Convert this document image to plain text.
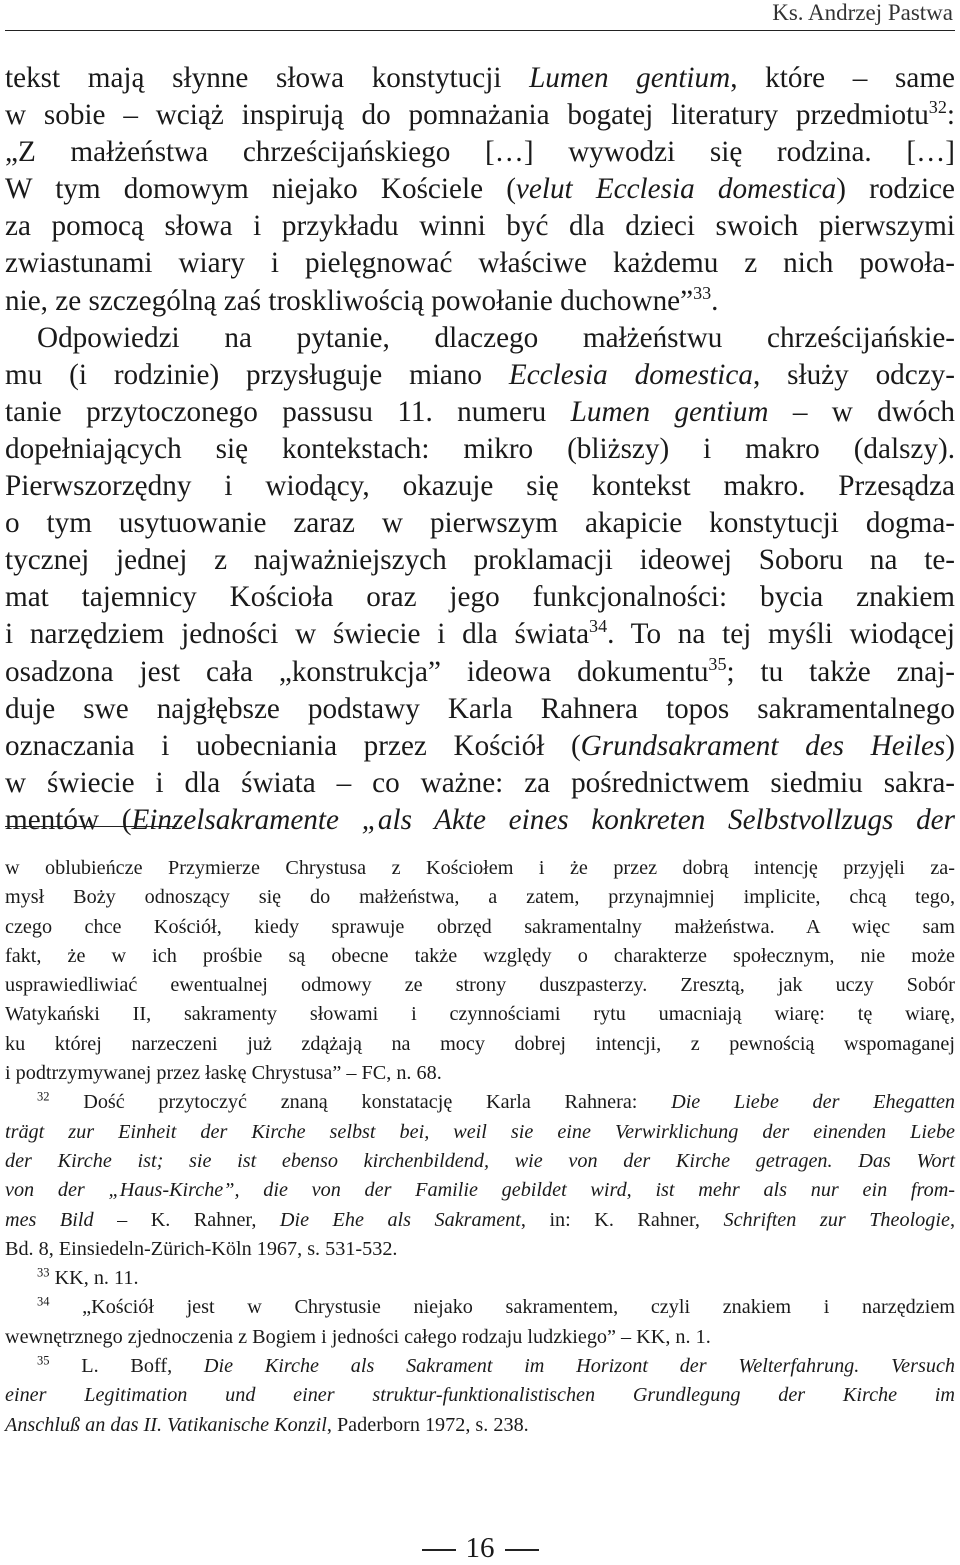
Ks. Andrzej Pastwa
tekst mają słynne słowa konstytucji Lumen gentium, które – same
w sobie – wciąż inspirują do pomnażania bogatej literatury przedmiotu$^{32}$:
„Z małżeństwa chrześcijańskiego […] wywodzi się rodzina. […]
W tym domowym niejako Kościele (velut Ecclesia domestica) rodzice
za pomocą słowa i przykładu winni być dla dzieci swoich pierwszymi
zwiastunami wiary i pielęgnować właściwe każdemu z nich powoła-
nie, ze szczególną zaś troskliwością powołanie duchowne”$^{33}$.
Odpowiedzi na pytanie, dlaczego małżeństwu chrześcijańskie-
mu (i rodzinie) przysługuje miano Ecclesia domestica, służy odczy-
tanie przytoczonego passusu 11. numeru Lumen gentium – w dwóch
dopełniających się kontekstach: mikro (bliższy) i makro (dalszy).
Pierwszorzędny i wiodący, okazuje się kontekst makro. Przesądza
o tym usytuowanie zaraz w pierwszym akapicie konstytucji dogma-
tycznej jednej z najważniejszych proklamacji ideowej Soboru na te-
mat tajemnicy Kościoła oraz jego funkcjonalności: bycia znakiem
i narzędziem jedności w świecie i dla świata$^{34}$. To na tej myśli wiodącej
osadzona jest cała „konstrukcja” ideowa dokumentu$^{35}$; tu także znaj-
duje swe najgłębsze podstawy Karla Rahnera topos sakramentalnego
oznaczania i uobecniania przez Kościół (Grundsakrament des Heiles)
w świecie i dla świata – co ważne: za pośrednictwem siedmiu sakra-
mentów (Einzelsakramente „als Akte eines konkreten Selbstvollzugs der
w oblubieńcze Przymierze Chrystusa z Kościołem i że przez dobrą intencję przyjęli za-
mysł Boży odnoszący się do małżeństwa, a zatem, przynajmniej implicite, chcą tego,
czego chce Kościół, kiedy sprawuje obrzęd sakramentalny małżeństwa. A więc sam
fakt, że w ich prośbie są obecne także względy o charakterze społecznym, nie może
usprawiedliwiać ewentualnej odmowy ze strony duszpasterzy. Zresztą, jak uczy Sobór
Watykański II, sakramenty słowami i czynnościami rytu umacniają wiarę: tę wiarę,
ku której narzeczeni już zdążają na mocy dobrej intencji, z pewnością wspomaganej
i podtrzymywanej przez łaskę Chrystusa” – FC, n. 68.
$^{32}$ Dość przytoczyć znaną konstatację Karla Rahnera: Die Liebe der Ehegatten
trägt zur Einheit der Kirche selbst bei, weil sie eine Verwirklichung der einenden Liebe
der Kirche ist; sie ist ebenso kirchenbildend, wie von der Kirche getragen. Das Wort
von der „Haus-Kirche”, die von der Familie gebildet wird, ist mehr als nur ein from-
mes Bild – K. Rahner, Die Ehe als Sakrament, in: K. Rahner, Schriften zur Theologie,
Bd. 8, Einsiedeln-Zürich-Köln 1967, s. 531-532.
$^{33}$ KK, n. 11.
$^{34}$ „Kościół jest w Chrystusie niejako sakramentem, czyli znakiem i narzędziem
wewnętrznego zjednoczenia z Bogiem i jedności całego rodzaju ludzkiego” – KK, n. 1.
$^{35}$ L. Boff, Die Kirche als Sakrament im Horizont der Welterfahrung. Versuch
einer Legitimation und einer struktur-funktionalistischen Grundlegung der Kirche im
Anschluß an das II. Vatikanische Konzil, Paderborn 1972, s. 238.
16
